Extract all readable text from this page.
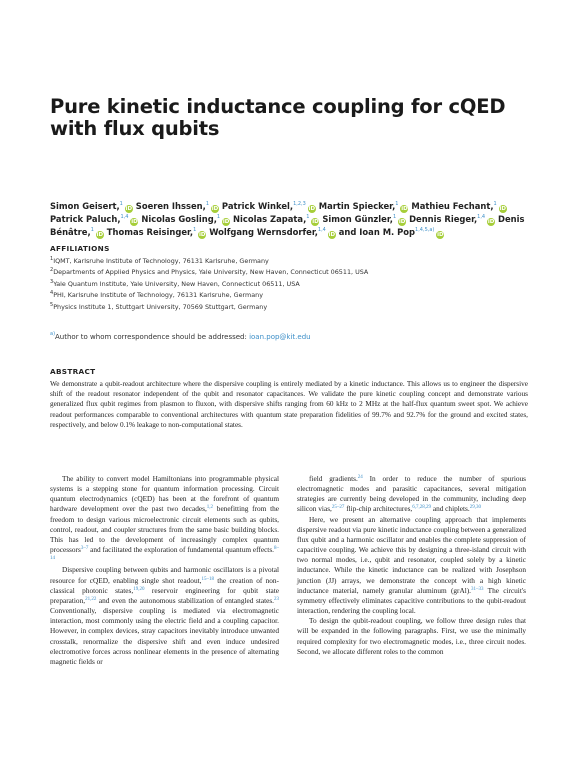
Pure kinetic inductance coupling for cQED with flux qubits
Simon Geisert,$^1$iD Soeren Ihssen,$^1$iD Patrick Winkel,$^{1,2,3}$iD Martin Spiecker,$^1$iD Mathieu Fechant,$^1$iD Patrick Paluch,$^{1,4}$iD Nicolas Gosling,$^1$iD Nicolas Zapata,$^1$iD Simon Günzler,$^1$iD Dennis Rieger,$^{1,4}$iD Denis Bénâtre,$^1$iD Thomas Reisinger,$^1$iD Wolfgang Wernsdorfer,$^{1,4}$iD and Ioan M. Pop$^{1,4,5,a)}$iD
AFFILIATIONS
$^1$IQMT, Karlsruhe Institute of Technology, 76131 Karlsruhe, Germany
$^2$Departments of Applied Physics and Physics, Yale University, New Haven, Connecticut 06511, USA
$^3$Yale Quantum Institute, Yale University, New Haven, Connecticut 06511, USA
$^4$PHI, Karlsruhe Institute of Technology, 76131 Karlsruhe, Germany
$^5$Physics Institute 1, Stuttgart University, 70569 Stuttgart, Germany
$^{a)}$Author to whom correspondence should be addressed: ioan.pop@kit.edu
ABSTRACT
We demonstrate a qubit-readout architecture where the dispersive coupling is entirely mediated by a kinetic inductance. This allows us to engineer the dispersive shift of the readout resonator independent of the qubit and resonator capacitances. We validate the pure kinetic coupling concept and demonstrate various generalized flux qubit regimes from plasmon to fluxon, with dispersive shifts ranging from 60 kHz to 2 MHz at the half-flux quantum sweet spot. We achieve readout performances comparable to conventional architectures with quantum state preparation fidelities of 99.7% and 92.7% for the ground and excited states, respectively, and below 0.1% leakage to non-computational states.

The ability to convert model Hamiltonians into programmable physical systems is a stepping stone for quantum information processing. Circuit quantum electrodynamics (cQED) has been at the forefront of quantum hardware development over the past two decades,$^{1,2}$ benefitting from the freedom to design various microelectronic circuit elements such as qubits, control, readout, and coupler structures from the same basic building blocks. This has led to the development of increasingly complex quantum processors$^{3-7}$ and facilitated the exploration of fundamental quantum effects.$^{8-14}$

Dispersive coupling between qubits and harmonic oscillators is a pivotal resource for cQED, enabling single shot readout,$^{15-18}$ the creation of non-classical photonic states,$^{19,20}$ reservoir engineering for qubit state preparation,$^{21,22}$ and even the autonomous stabilization of entangled states.$^{23}$ Conventionally, dispersive coupling is mediated via electromagnetic interaction, most commonly using the electric field and a coupling capacitor. However, in complex devices, stray capacitors inevitably introduce unwanted crosstalk, renormalize the dispersive shift and even induce undesired electromotive forces across nonlinear elements in the presence of alternating magnetic fields or

field gradients.$^{24}$ In order to reduce the number of spurious electromagnetic modes and parasitic capacitances, several mitigation strategies are currently being developed in the community, including deep silicon vias,$^{25-27}$ flip-chip architectures,$^{6,7,28,29}$ and chiplets.$^{29,30}$

Here, we present an alternative coupling approach that implements dispersive readout via pure kinetic inductance coupling between a generalized flux qubit and a harmonic oscillator and enables the complete suppression of capacitive coupling. We achieve this by designing a three-island circuit with two normal modes, i.e., qubit and resonator, coupled solely by a kinetic inductance. While the kinetic inductance can be realized with Josephson junction (JJ) arrays, we demonstrate the concept with a high kinetic inductance material, namely granular aluminum (grAl).$^{31-33}$ The circuit's symmetry effectively eliminates capacitive contributions to the qubit-readout interaction, rendering the coupling local.

To design the qubit-readout coupling, we follow three design rules that will be expanded in the following paragraphs. First, we use the minimally required complexity for two electromagnetic modes, i.e., three circuit nodes. Second, we allocate different roles to the common
